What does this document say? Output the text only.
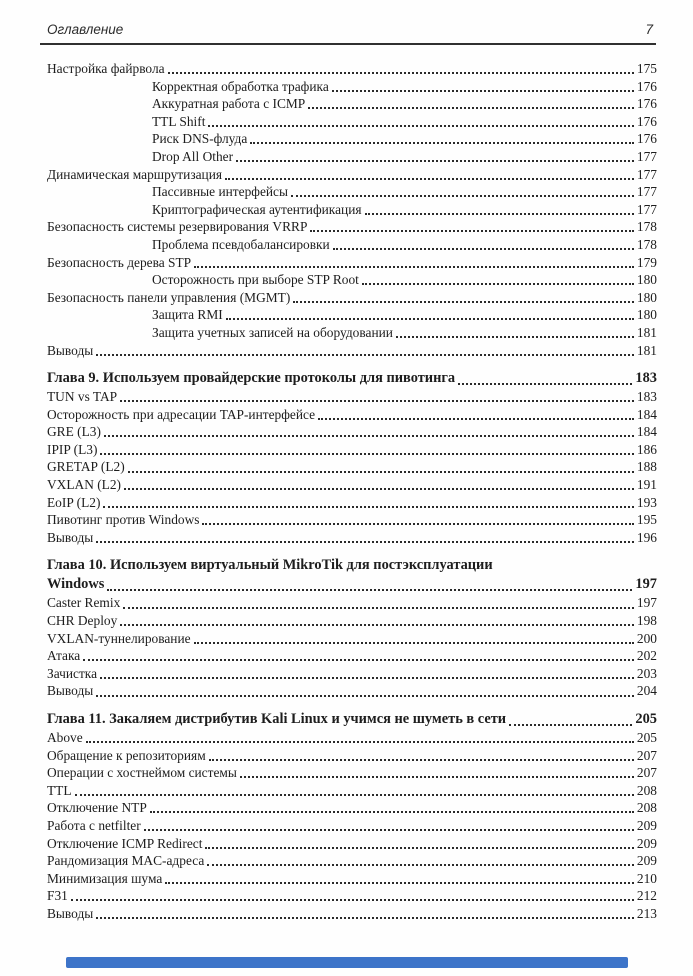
Оглавление	7
Настройка файрвола	175
Корректная обработка трафика	176
Аккуратная работа с ICMP	176
TTL Shift	176
Риск DNS-флуда	176
Drop All Other	177
Динамическая маршрутизация	177
Пассивные интерфейсы	177
Криптографическая аутентификация	177
Безопасность системы резервирования VRRP	178
Проблема псевдобалансировки	178
Безопасность дерева STP	179
Осторожность при выборе STP Root	180
Безопасность панели управления (MGMT)	180
Защита RMI	180
Защита учетных записей на оборудовании	181
Выводы	181
Глава 9. Используем провайдерские протоколы для пивотинга	183
TUN vs TAP	183
Осторожность при адресации TAP-интерфейсе	184
GRE (L3)	184
IPIP (L3)	186
GRETAP (L2)	188
VXLAN (L2)	191
EoIP (L2)	193
Пивотинг против Windows	195
Выводы	196
Глава 10. Используем виртуальный MikroTik для постэксплуатации
Windows	197
Caster Remix	197
CHR Deploy	198
VXLAN-туннелирование	200
Атака	202
Зачистка	203
Выводы	204
Глава 11. Закаляем дистрибутив Kali Linux и учимся не шуметь в сети	205
Above	205
Обращение к репозиториям	207
Операции с хостнеймом системы	207
TTL	208
Отключение NTP	208
Работа с netfilter	209
Отключение ICMP Redirect	209
Рандомизация MAC-адреса	209
Минимизация шума	210
F31	212
Выводы	213
